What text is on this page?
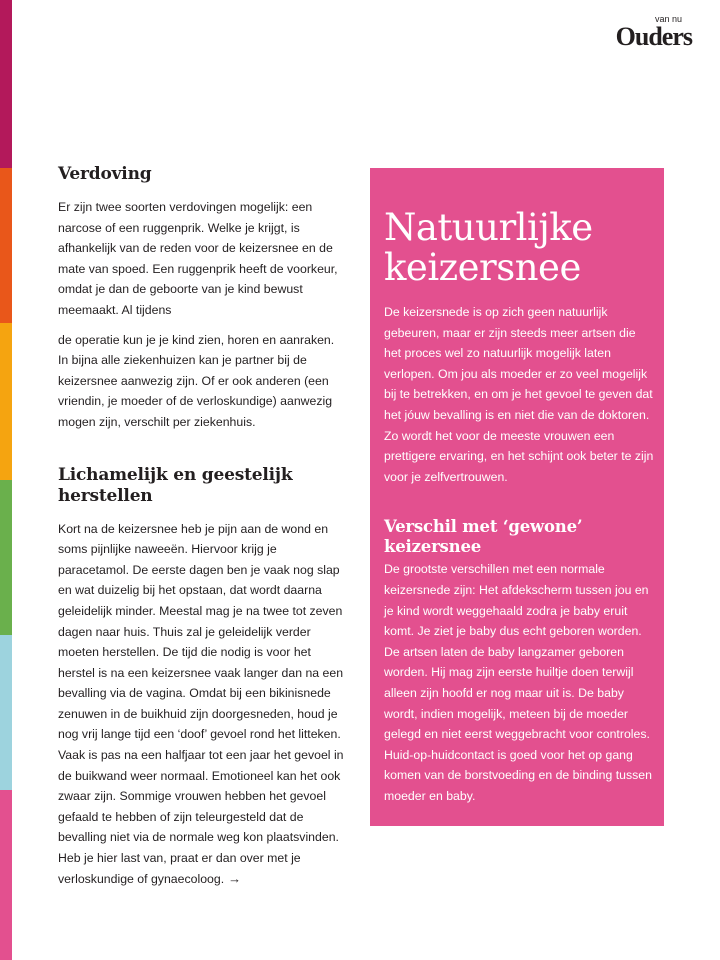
van nu
Ouders
Verdoving

Er zijn twee soorten verdovingen mogelijk: een narcose of een ruggenprik. Welke je krijgt, is afhankelijk van de reden voor de keizersnee en de mate van spoed. Een ruggenprik heeft de voorkeur, omdat je dan de geboorte van je kind bewust meemaakt. Al tijdens

de operatie kun je je kind zien, horen en aanraken. In bijna alle ziekenhuizen kan je partner bij de keizersnee aanwezig zijn. Of er ook anderen (een vriendin, je moeder of de verloskundige) aanwezig mogen zijn, verschilt per ziekenhuis.

Lichamelijk en geestelijk herstellen

Kort na de keizersnee heb je pijn aan de wond en soms pijnlijke naweeën. Hiervoor krijg je paracetamol. De eerste dagen ben je vaak nog slap en wat duizelig bij het opstaan, dat wordt daarna geleidelijk minder. Meestal mag je na twee tot zeven dagen naar huis. Thuis zal je geleidelijk verder moeten herstellen. De tijd die nodig is voor het herstel is na een keizersnee vaak langer dan na een bevalling via de vagina. Omdat bij een bikinisnede zenuwen in de buikhuid zijn doorgesneden, houd je nog vrij lange tijd een ‘doof’ gevoel rond het litteken. Vaak is pas na een halfjaar tot een jaar het gevoel in de buikwand weer normaal. Emotioneel kan het ook zwaar zijn. Sommige vrouwen hebben het gevoel gefaald te hebben of zijn teleurgesteld dat de bevalling niet via de normale weg kon plaatsvinden. Heb je hier last van, praat er dan over met je verloskundige of gynaecoloog. →

Natuurlijke keizersnee

De keizersnede is op zich geen natuurlijk gebeuren, maar er zijn steeds meer artsen die het proces wel zo natuurlijk mogelijk laten verlopen. Om jou als moeder er zo veel mogelijk bij te betrekken, en om je het gevoel te geven dat het jóuw bevalling is en niet die van de doktoren. Zo wordt het voor de meeste vrouwen een prettigere ervaring, en het schijnt ook beter te zijn voor je zelfvertrouwen.

Verschil met ‘gewone’ keizersnee

De grootste verschillen met een normale keizersnede zijn: Het afdekscherm tussen jou en je kind wordt weggehaald zodra je baby eruit komt. Je ziet je baby dus echt geboren worden. De artsen laten de baby langzamer geboren worden. Hij mag zijn eerste huiltje doen terwijl alleen zijn hoofd er nog maar uit is. De baby wordt, indien mogelijk, meteen bij de moeder gelegd en niet eerst weggebracht voor controles. Huid-op-huidcontact is goed voor het op gang komen van de borstvoeding en de binding tussen moeder en baby.
